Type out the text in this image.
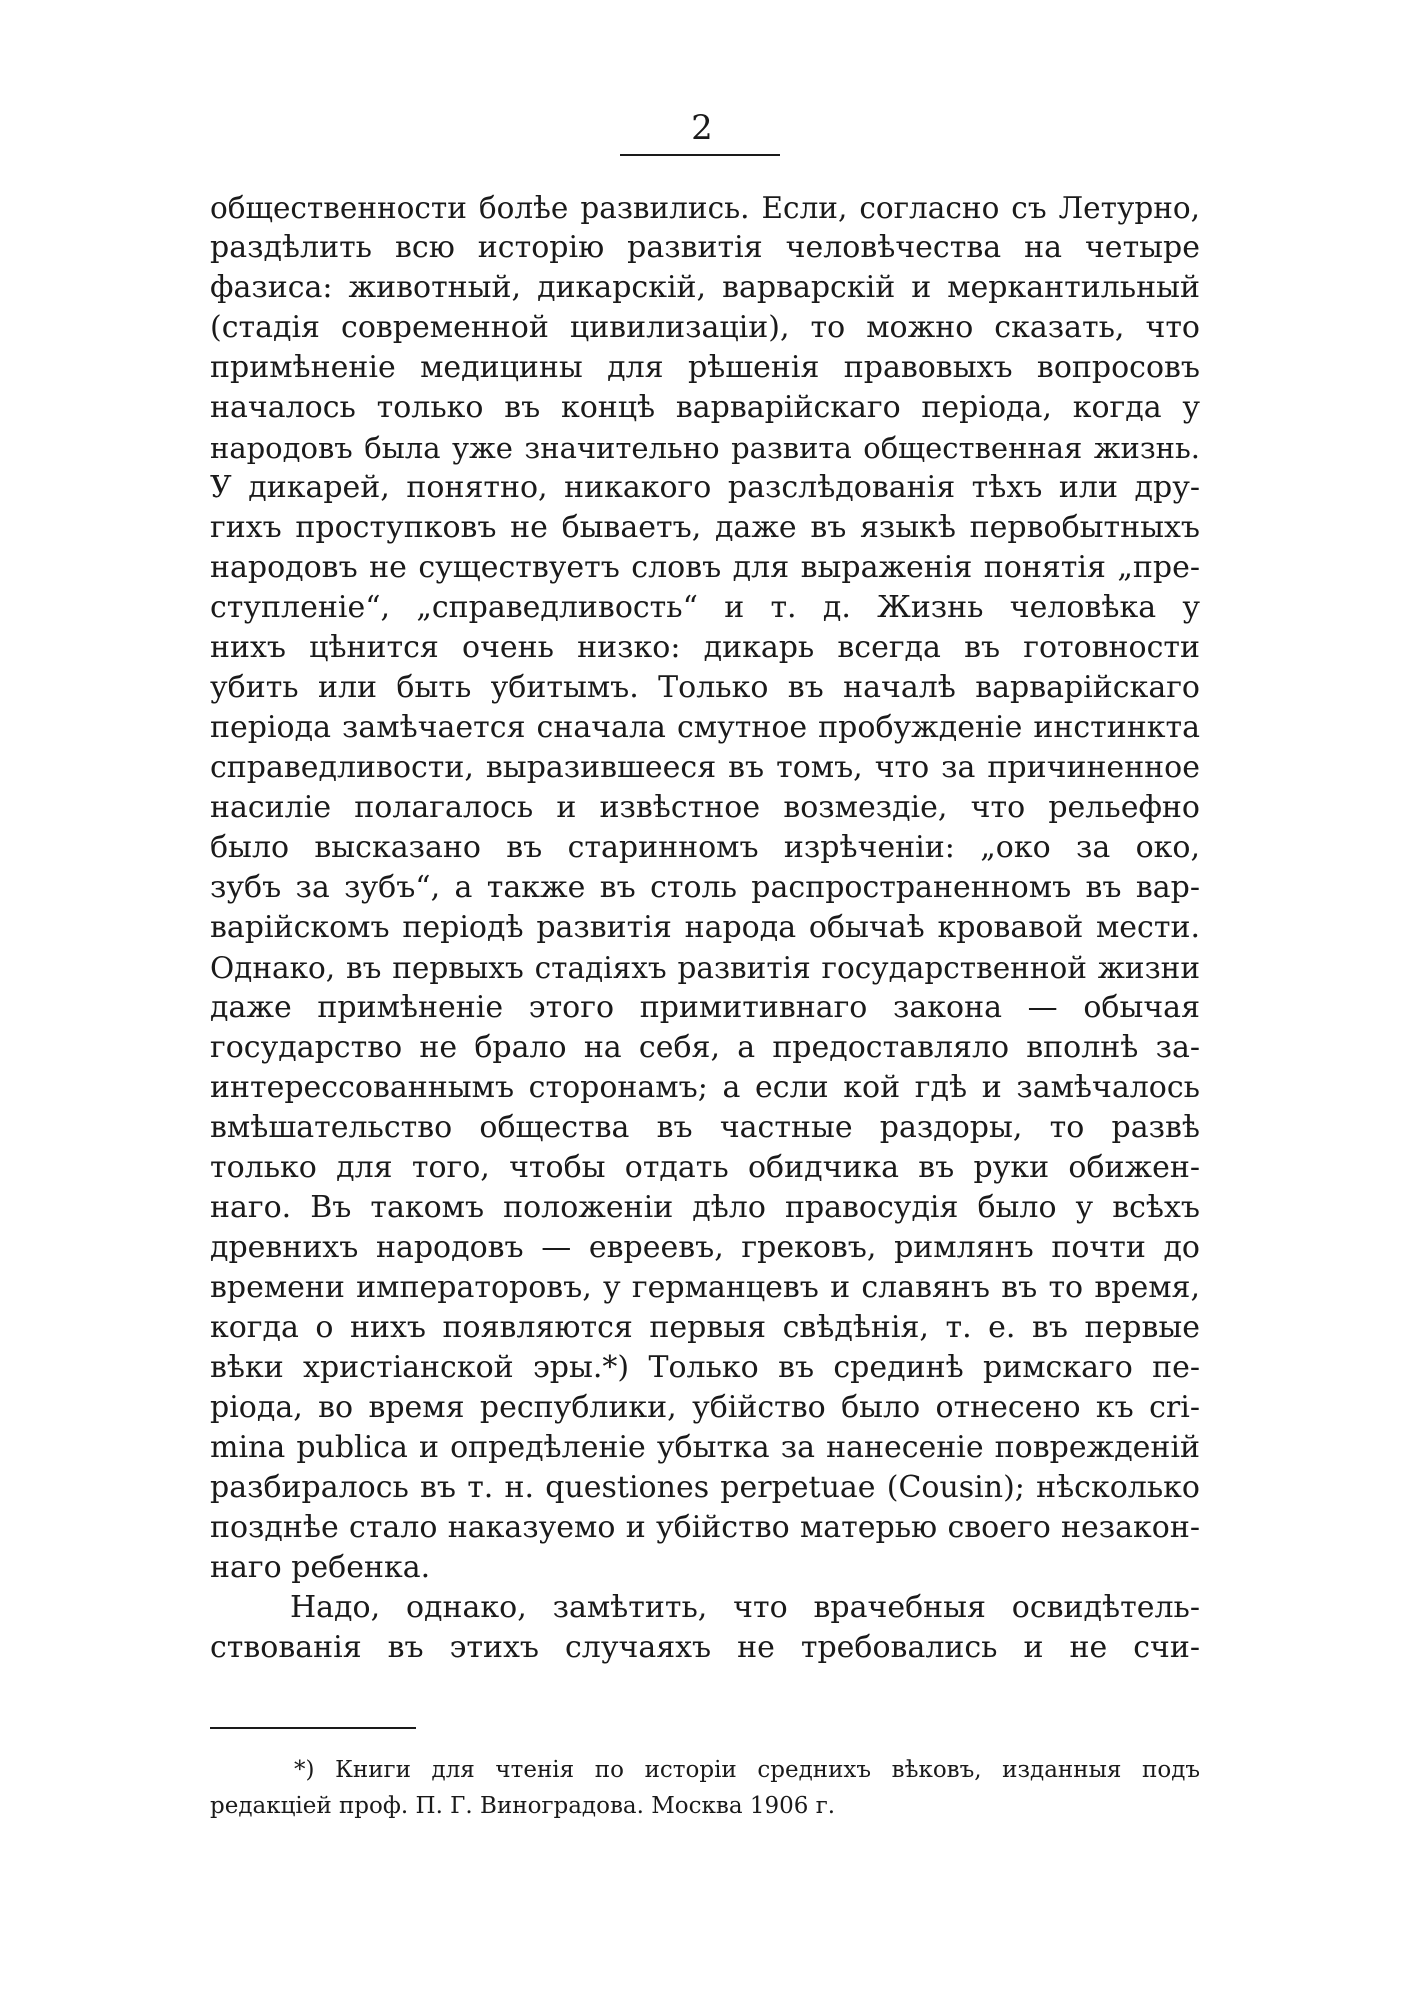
2
общественности болѣе развились. Если, согласно съ Летурно,
раздѣлить всю исторію развитія человѣчества на четыре
фазиса: животный, дикарскій, варварскій и меркантильный
(стадія современной цивилизаціи), то можно сказать, что
примѣненіе медицины для рѣшенія правовыхъ вопросовъ
началось только въ концѣ варварійскаго періода, когда у
народовъ была уже значительно развита общественная жизнь.
У дикарей, понятно, никакого разслѣдованія тѣхъ или дру-
гихъ проступковъ не бываетъ, даже въ языкѣ первобытныхъ
народовъ не существуетъ словъ для выраженія понятія „пре-
ступленіе“, „справедливость“ и т. д. Жизнь человѣка у
нихъ цѣнится очень низко: дикарь всегда въ готовности
убить или быть убитымъ. Только въ началѣ варварійскаго
періода замѣчается сначала смутное пробужденіе инстинкта
справедливости, выразившееся въ томъ, что за причиненное
насиліе полагалось и извѣстное возмездіе, что рельефно
было высказано въ старинномъ изрѣченіи: „око за око,
зубъ за зубъ“, а также въ столь распространенномъ въ вар-
варійскомъ періодѣ развитія народа обычаѣ кровавой мести.
Однако, въ первыхъ стадіяхъ развитія государственной жизни
даже примѣненіе этого примитивнаго закона — обычая
государство не брало на себя, а предоставляло вполнѣ за-
интерессованнымъ сторонамъ; а если кой гдѣ и замѣчалось
вмѣшательство общества въ частные раздоры, то развѣ
только для того, чтобы отдать обидчика въ руки обижен-
наго. Въ такомъ положеніи дѣло правосудія было у всѣхъ
древнихъ народовъ — евреевъ, грековъ, римлянъ почти до
времени императоровъ, у германцевъ и славянъ въ то время,
когда о нихъ появляются первыя свѣдѣнія, т. е. въ первые
вѣки христіанской эры.*) Только въ срединѣ римскаго пе-
ріода, во время республики, убійство было отнесено къ cri-
mina publica и опредѣленіе убытка за нанесеніе поврежденій
разбиралось въ т. н. questiones perpetuae (Cousin); нѣсколько
позднѣе стало наказуемо и убійство матерью своего незакон-
наго ребенка.
Надо, однако, замѣтить, что врачебныя освидѣтель-
ствованія въ этихъ случаяхъ не требовались и не счи-
*) Книги для чтенія по исторіи среднихъ вѣковъ, изданныя подъ
редакціей проф. П. Г. Виноградова. Москва 1906 г.
